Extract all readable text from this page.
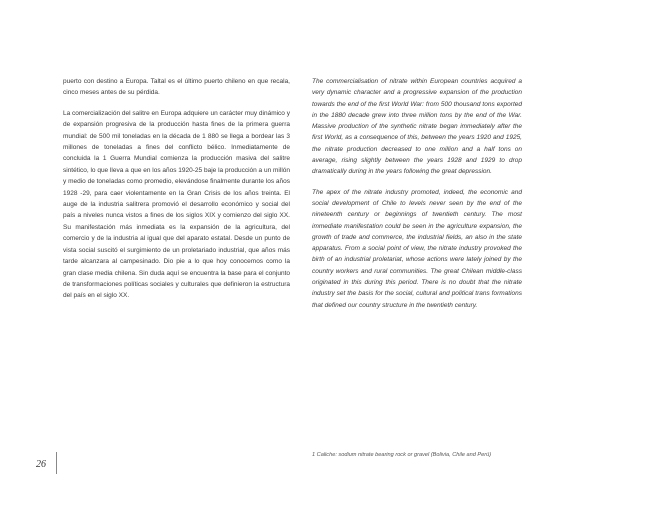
puerto con destino a Europa. Taltal es el último puerto chileno en que recala, cinco meses antes de su pérdida.

La comercialización del salitre en Europa adquiere un carácter muy dinámico y de expansión progresiva de la producción hasta fines de la primera guerra mundial: de 500 mil toneladas en la década de 1 880 se llega a bordear las 3 millones de toneladas a fines del conflicto bélico. Inmediatamente de concluida la 1 Guerra Mundial comienza la producción masiva del salitre sintético, lo que lleva a que en los años 1920-25 baje la producción a un millón y medio de toneladas como promedio, elevándose finalmente durante los años 1928 -29, para caer violentamente en la Gran Crisis de los años treinta. El auge de la industria salitrera promovió el desarrollo económico y social del país a niveles nunca vistos a fines de los siglos XIX y comienzo del siglo XX. Su manifestación más inmediata es la expansión de la agricultura, del comercio y de la industria al igual que del aparato estatal. Desde un punto de vista social suscitó el surgimiento de un proletariado industrial, que años más tarde alcanzara al campesinado. Dio pie a lo que hoy conocemos como la gran clase media chilena. Sin duda aquí se encuentra la base para el conjunto de transformaciones políticas sociales y culturales que definieron la estructura del país en el siglo XX.

The commercialisation of nitrate within European countries acquired a very dynamic character and a progressive expansion of the production towards the end of the first World War: from 500 thousand tons exported in the 1880 decade grew into three million tons by the end of the War. Massive production of the synthetic nitrate began immediately after the first World, as a consequence of this, between the years 1920 and 1925, the nitrate production decreased to one million and a half tons on average, rising slightly between the years 1928 and 1929 to drop dramatically during in the years following the great depression.

The apex of the nitrate industry promoted, indeed, the economic and social development of Chile to levels never seen by the end of the nineteenth century or beginnings of twentieth century. The most immediate manifestation could be seen in the agriculture expansion, the growth of trade and commerce, the industrial fields, an also in the state apparatus. From a social point of view, the nitrate industry provoked the birth of an industrial proletariat, whose actions were lately joined by the country workers and rural communities. The great Chilean middle-class originated in this during this period. There is no doubt that the nitrate industry set the basis for the social, cultural and political trans formations that defined our country structure in the twentieth century.

26
1 Caliche: sodium nitrate bearing rock or gravel (Bolivia, Chile and Perú)
